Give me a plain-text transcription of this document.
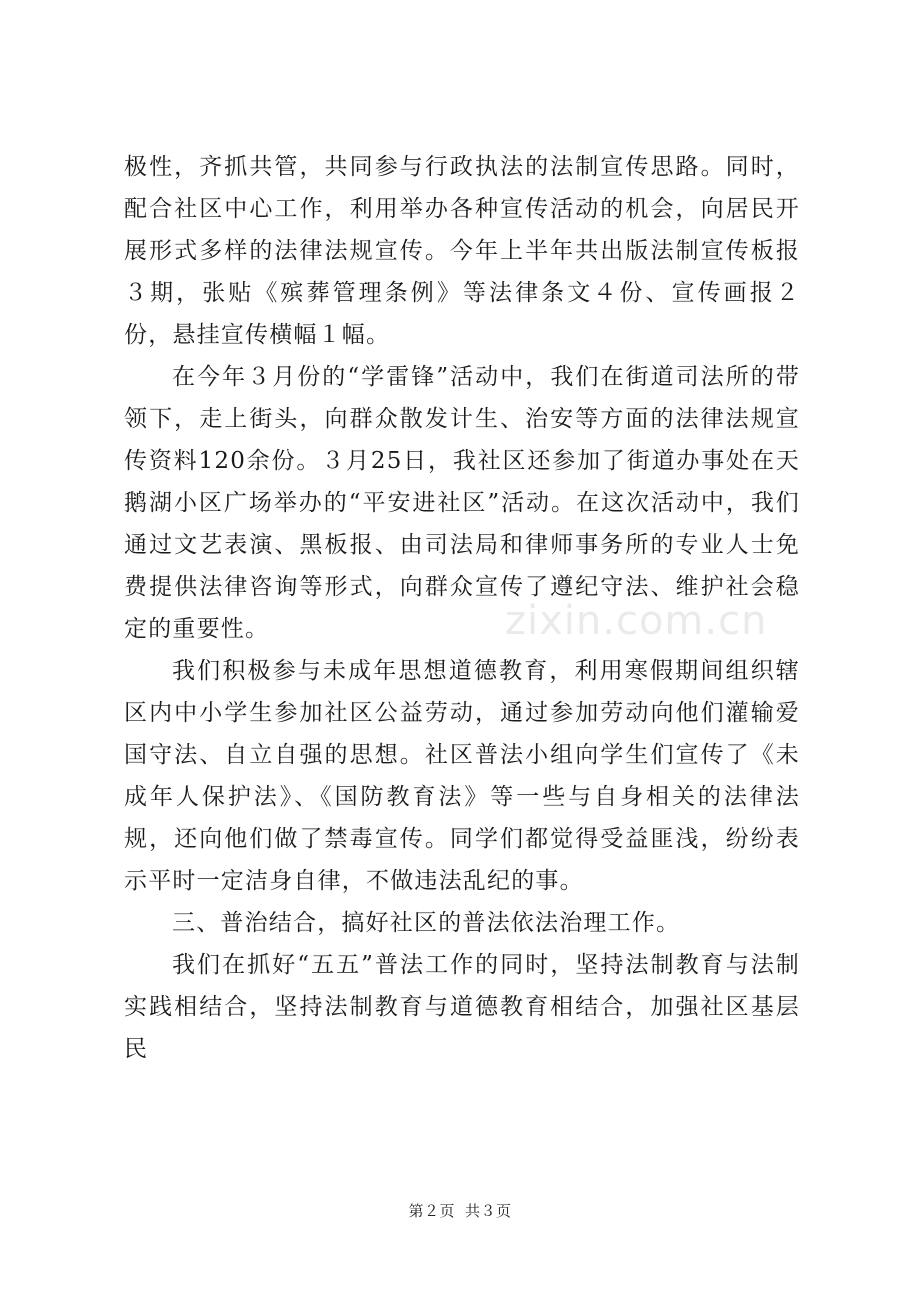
极性，齐抓共管，共同参与行政执法的法制宣传思路。同时，配合社区中心工作，利用举办各种宣传活动的机会，向居民开展形式多样的法律法规宣传。今年上半年共出版法制宣传板报３期，张贴《殡葬管理条例》等法律条文４份、宣传画报２份，悬挂宣传横幅１幅。

在今年３月份的“学雷锋”活动中，我们在街道司法所的带领下，走上街头，向群众散发计生、治安等方面的法律法规宣传资料120余份。３月25日，我社区还参加了街道办事处在天鹅湖小区广场举办的“平安进社区”活动。在这次活动中，我们通过文艺表演、黑板报、由司法局和律师事务所的专业人士免费提供法律咨询等形式，向群众宣传了遵纪守法、维护社会稳定的重要性。

我们积极参与未成年思想道德教育，利用寒假期间组织辖区内中小学生参加社区公益劳动，通过参加劳动向他们灌输爱国守法、自立自强的思想。社区普法小组向学生们宣传了《未成年人保护法》、《国防教育法》等一些与自身相关的法律法规，还向他们做了禁毒宣传。同学们都觉得受益匪浅，纷纷表示平时一定洁身自律，不做违法乱纪的事。

三、普治结合，搞好社区的普法依法治理工作。

我们在抓好“五五”普法工作的同时，坚持法制教育与法制实践相结合，坚持法制教育与道德教育相结合，加强社区基层民

zixin.com.cn
第２页 共３页
